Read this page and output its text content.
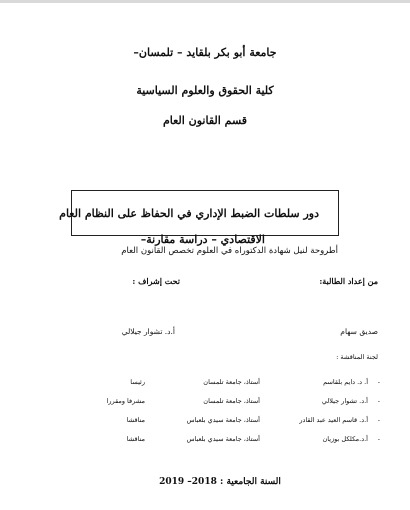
جامعة أبو بكر بلقايد – تلمسان–
كلية الحقوق والعلوم السياسية
قسم القانون العام
دور سلطات الضبط الإداري في الحفاظ على النظام العام
الاقتصادي – دراسة مقارنة–
أطروحة لنيل شهادة الدكتوراه في العلوم تخصص القانون العام
من إعداد الطالبة:
تحت إشراف :
صديق سهام
أ.د. تشوار جيلالي
لجنة المناقشة :
-
أ. د. دايم بلقاسم
أستاذ، جامعة تلمسان
رئيسا
-
أ.د. تشوار جيلالي
أستاذ، جامعة تلمسان
مشرفا ومقررا
-
أ.د. قاسم العيد عبد القادر
أستاذ، جامعة سيدي بلعباس
مناقشا
-
أ.د.مكلكل بوزيان
أستاذ، جامعة سيدي بلعباس
مناقشا
السنة الجامعية : 2018– 2019
